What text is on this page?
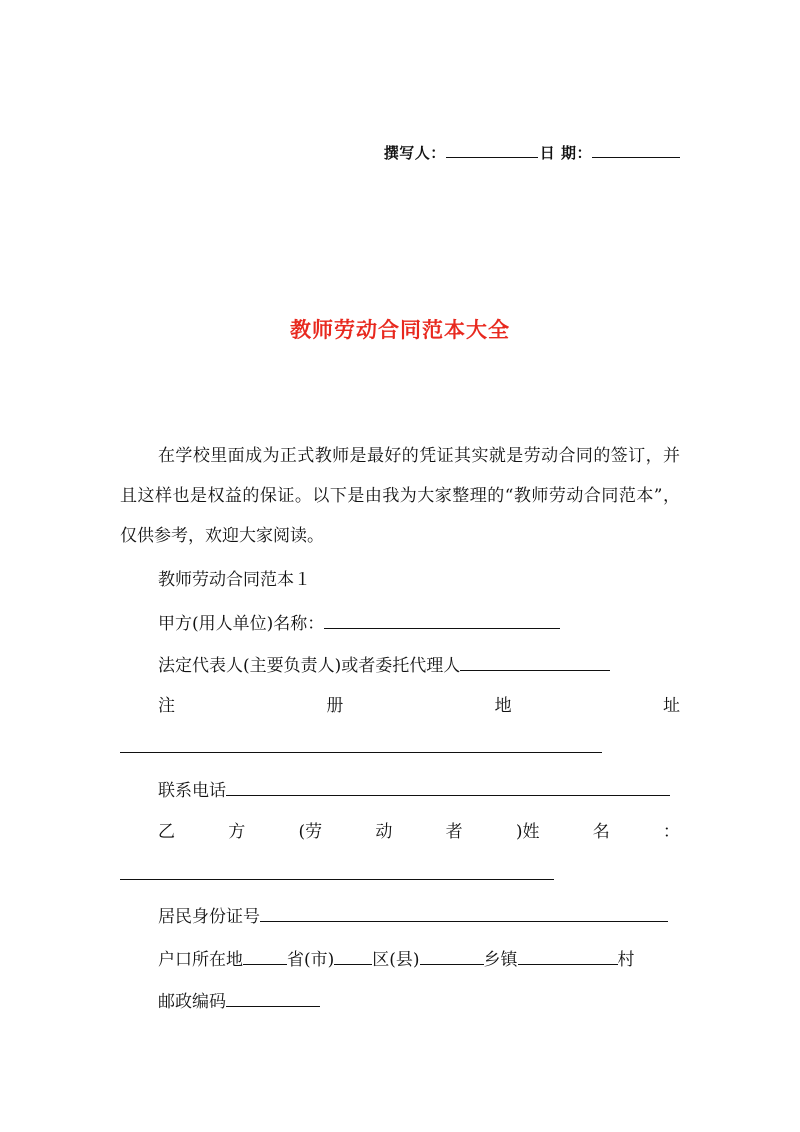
撰写人：	日 期：
教师劳动合同范本大全
在学校里面成为正式教师是最好的凭证其实就是劳动合同的签订，并且这样也是权益的保证。以下是由我为大家整理的“教师劳动合同范本”，仅供参考，欢迎大家阅读。
教师劳动合同范本１
甲方(用人单位)名称：
法定代表人(主要负责人)或者委托代理人
注	册	地	址
联系电话
乙	方	(劳	动	者	)姓	名	：
居民身份证号
户口所在地	省(市) 区(县)	乡镇	村
邮政编码
